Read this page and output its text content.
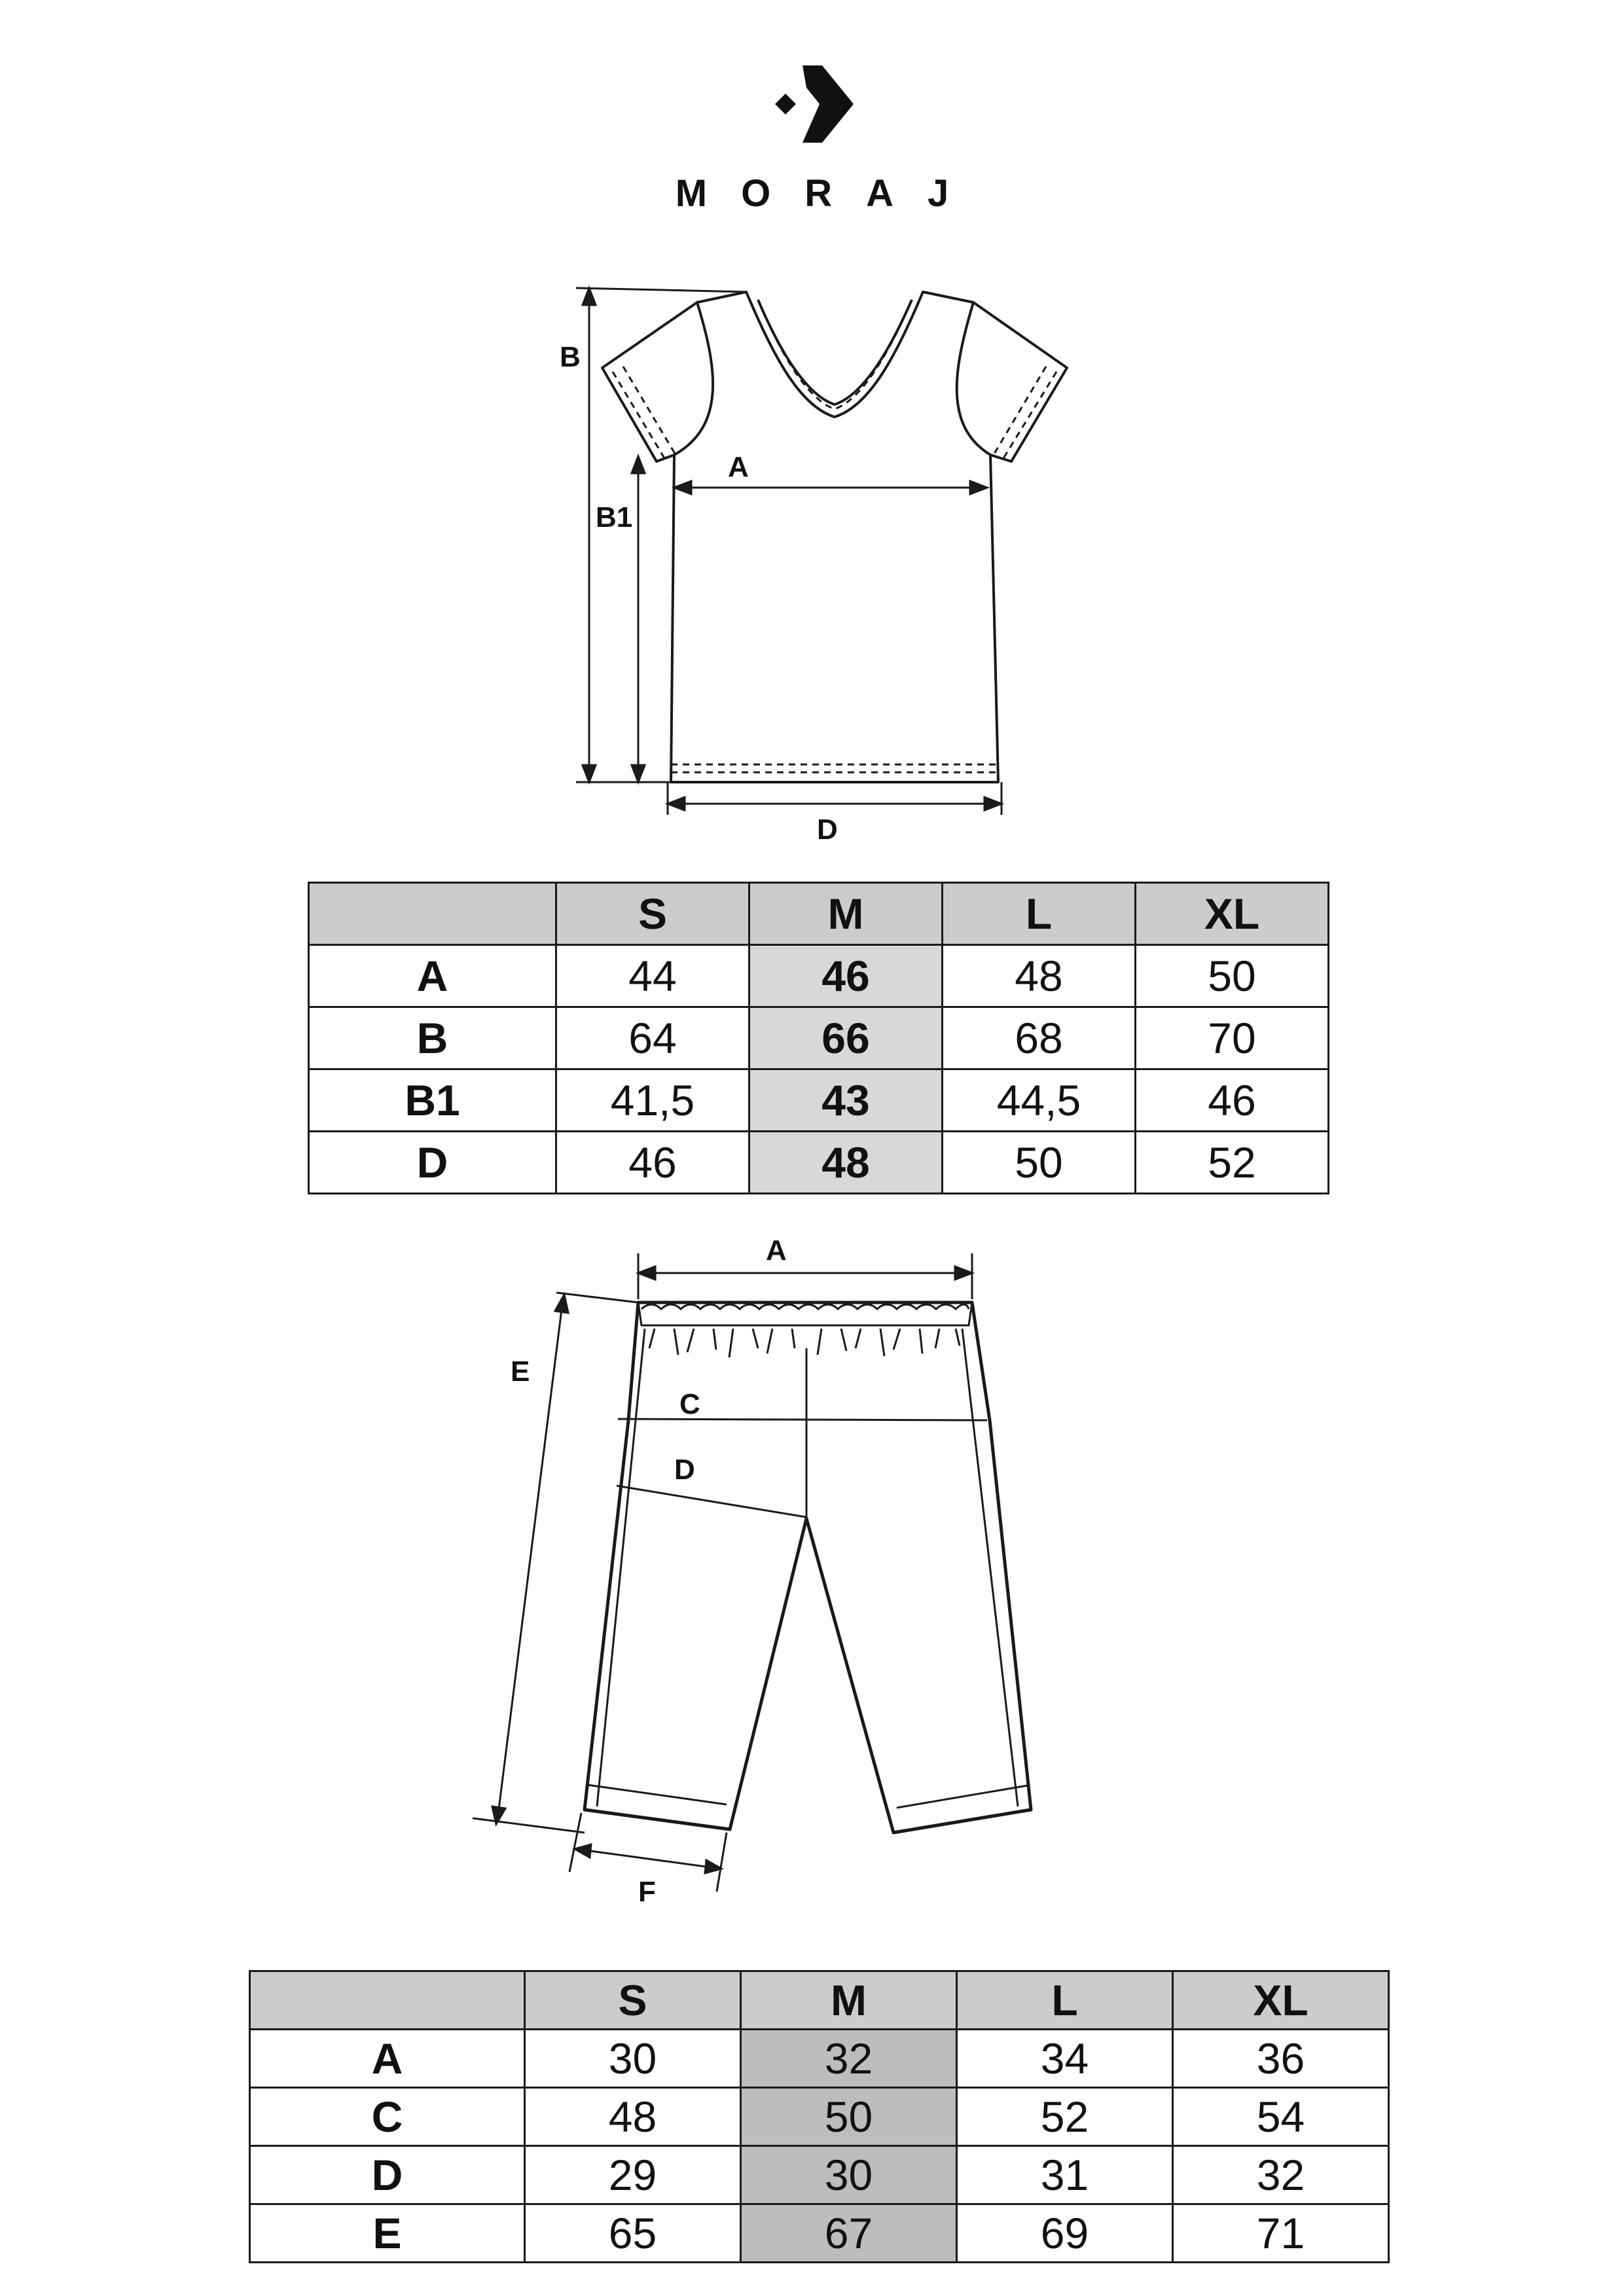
MORAJ
B
B1
A
D
	S	M	L	XL
A	44	46	48	50
B	64	66	68	70
B1	41,5	43	44,5	46
D	46	48	50	52
A
E
C
D
F
	S	M	L	XL
A	30	32	34	36
C	48	50	52	54
D	29	30	31	32
E	65	67	69	71
